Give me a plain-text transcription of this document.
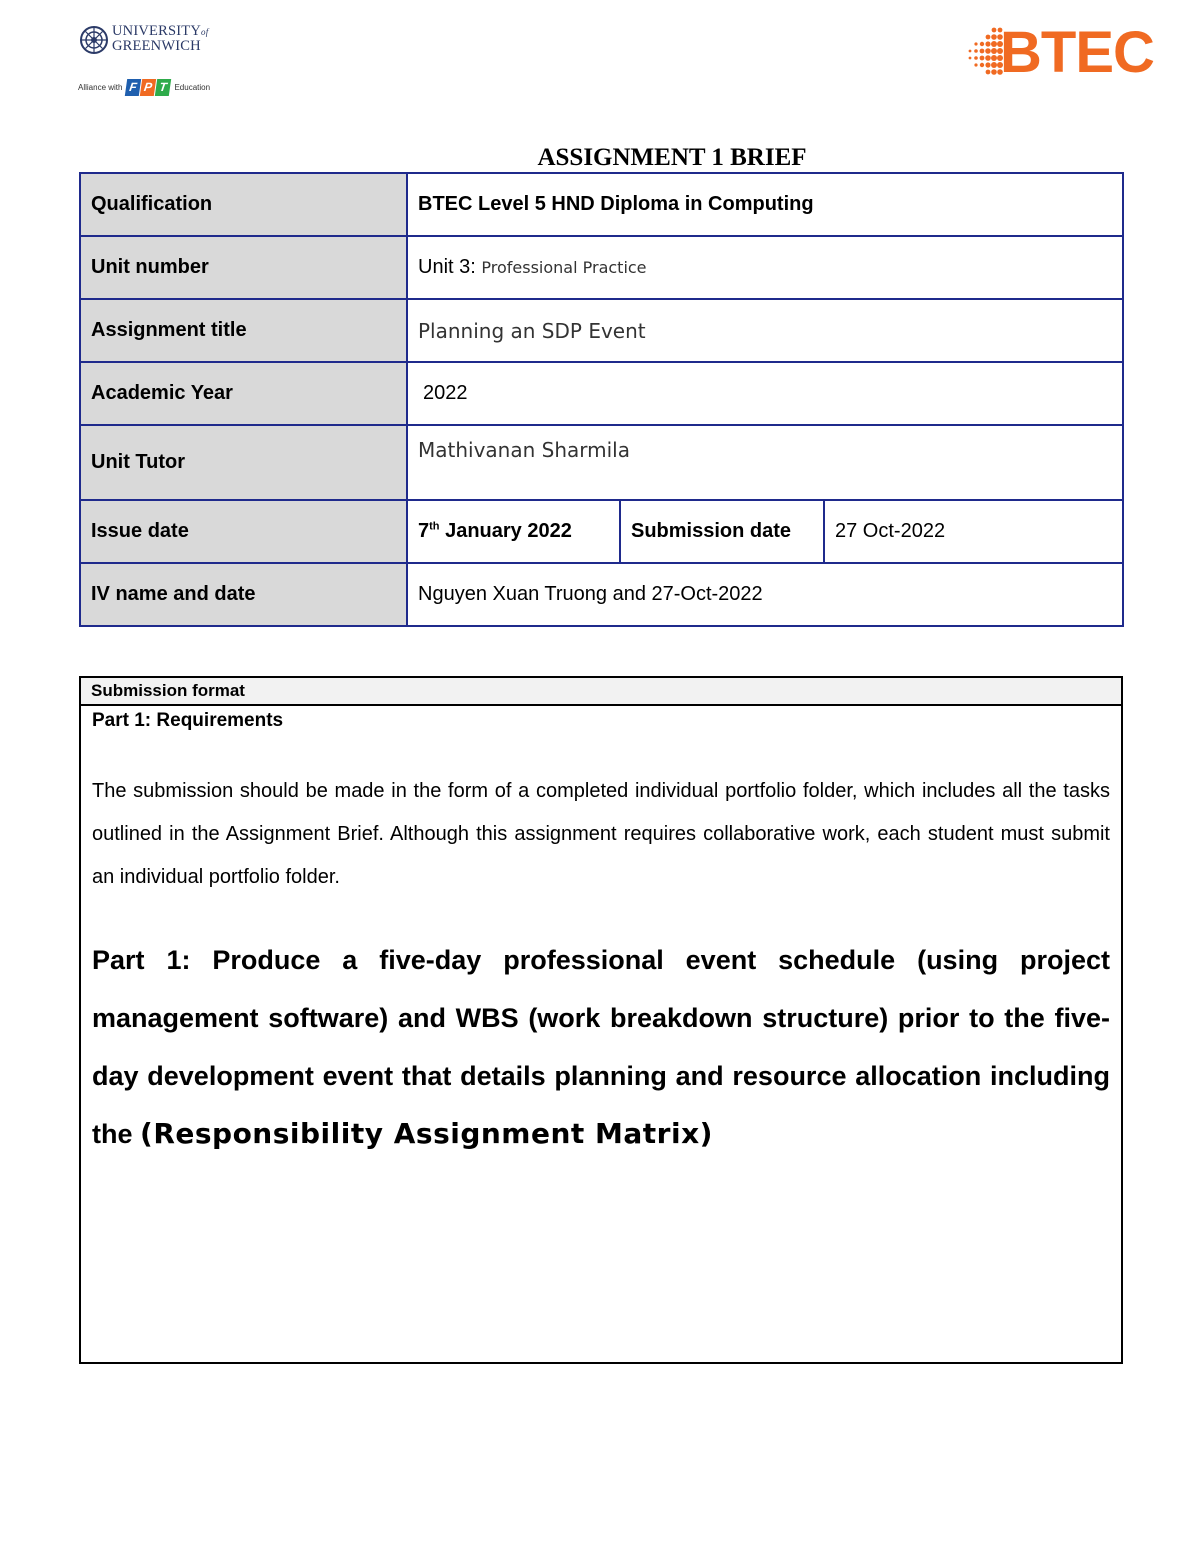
UNIVERSITYof
GREENWICH
Alliance with F P T Education
BTEC
ASSIGNMENT 1 BRIEF
Qualification	BTEC Level 5 HND Diploma in Computing		
Unit number	Unit 3: Professional Practice		
Assignment title	Planning an SDP Event		
Academic Year	2022		
Unit Tutor	Mathivanan Sharmila		
Issue date	7th January 2022	Submission date	27 Oct-2022
IV name and date	Nguyen Xuan Truong and 27-Oct-2022		
Submission format

Part 1: Requirements

The submission should be made in the form of a completed individual portfolio folder, which includes all the tasks outlined in the Assignment Brief. Although this assignment requires collaborative work, each student must submit an individual portfolio folder.

Part 1: Produce a five-day professional event schedule (using project management software) and WBS (work breakdown structure) prior to the five-day development event that details planning and resource allocation including the (Responsibility Assignment Matrix)
